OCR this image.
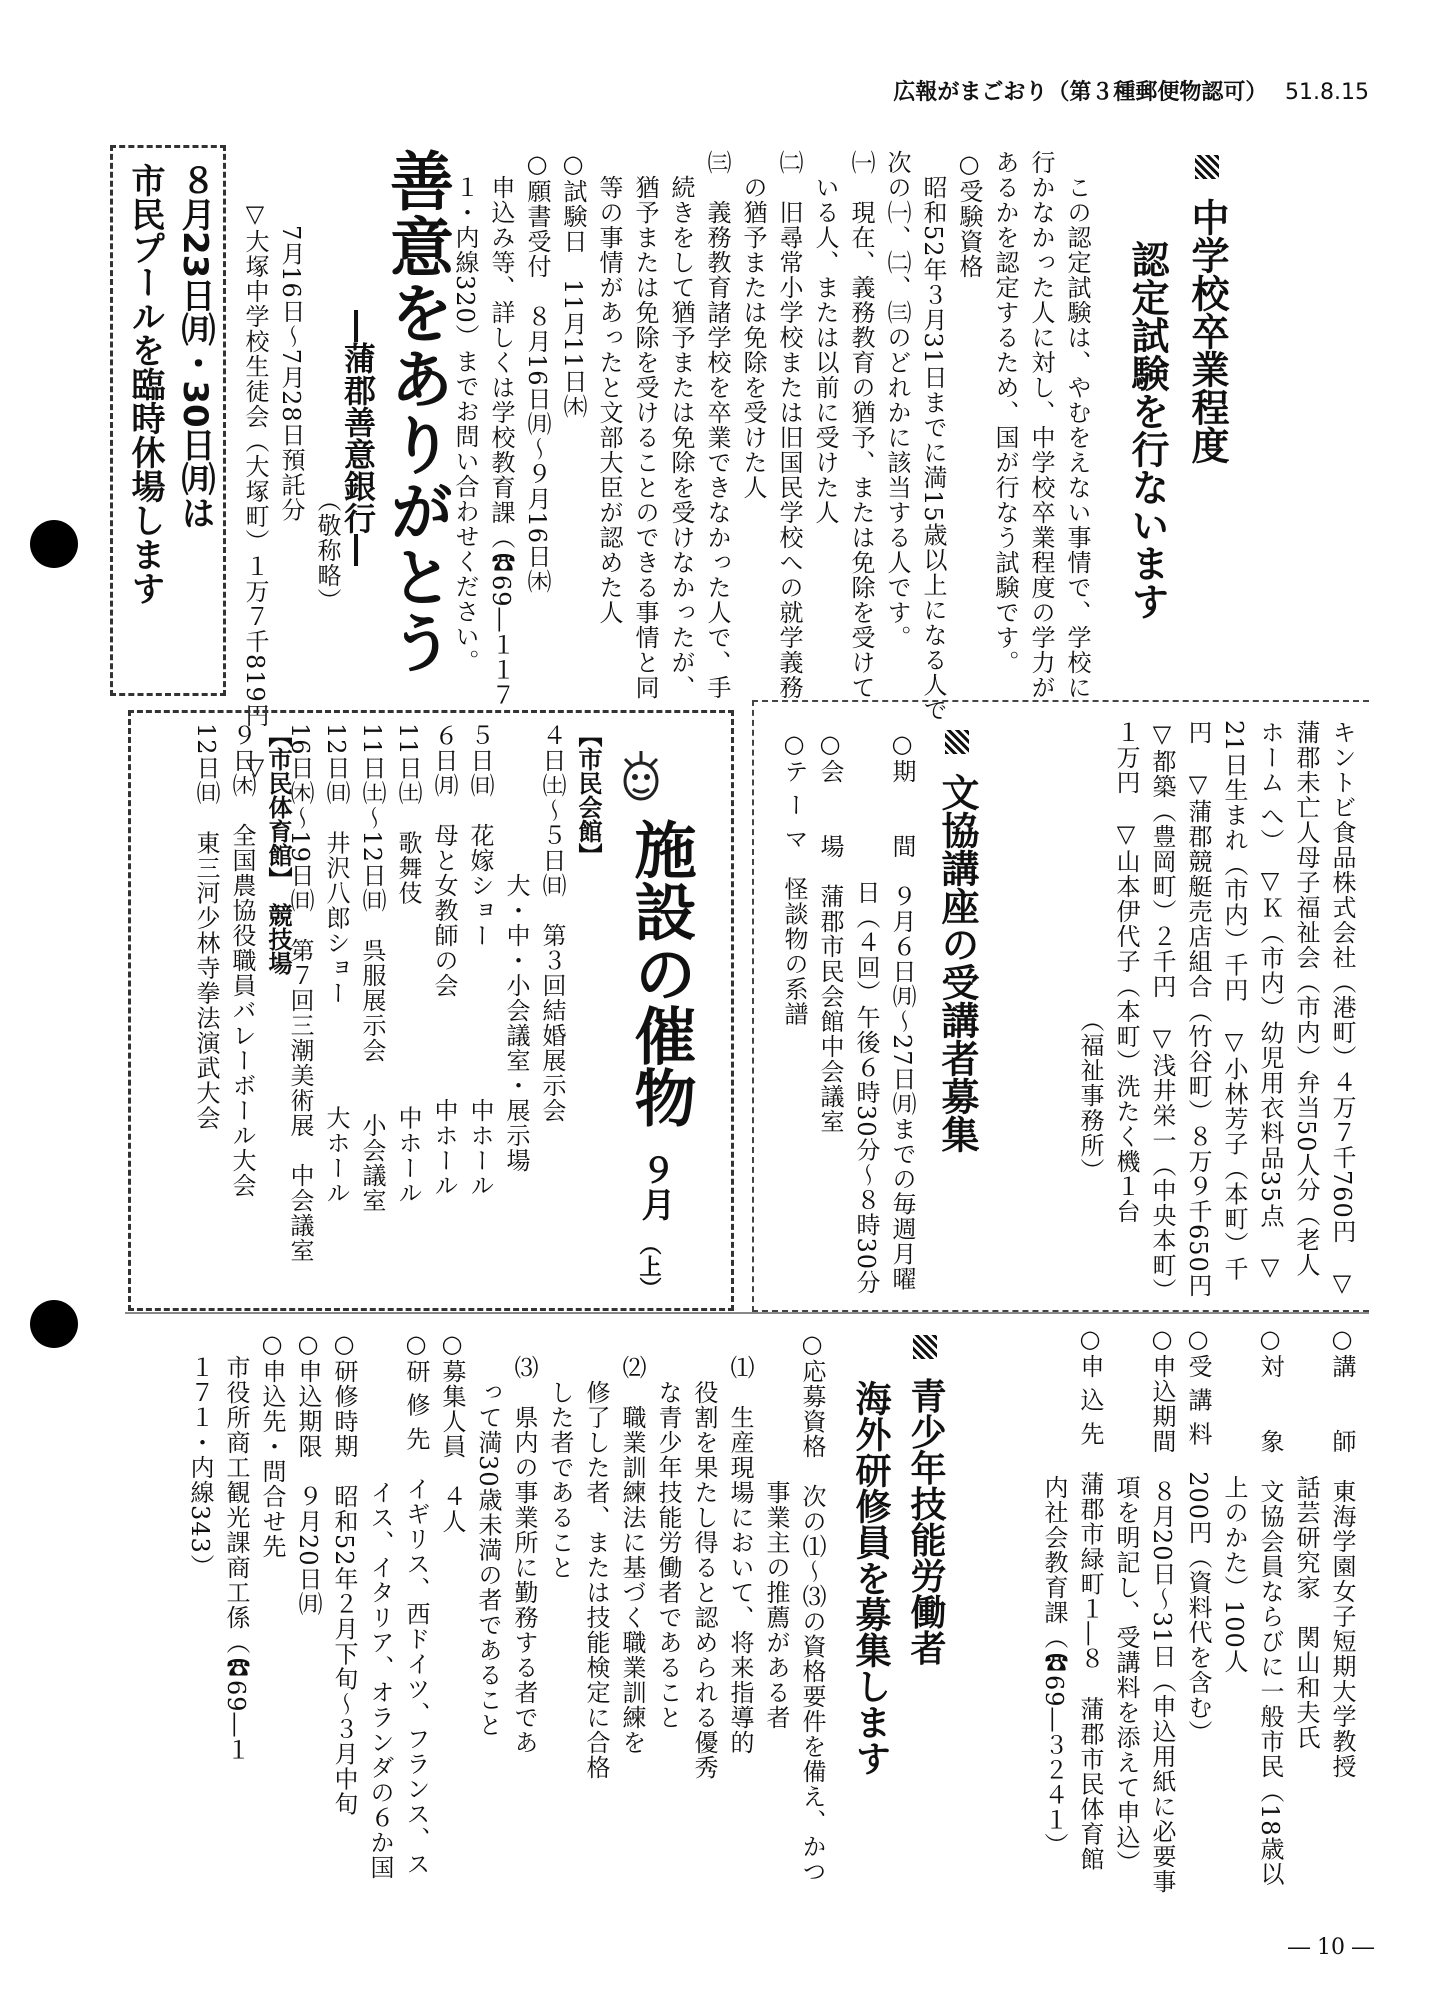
広報がまごおり（第３種郵便物認可） 51.8.15
中学校卒業程度
認定試験を行ないます
　この認定試験は、やむをえない事情で、学校に
行かなかった人に対し、中学校卒業程度の学力が
あるかを認定するため、国が行なう試験です。
○受験資格
　昭和52年３月31日までに満15歳以上になる人で
次の㈠、㈡、㈢のどれかに該当する人です。
㈠　現在、義務教育の猶予、または免除を受けて
　いる人、または以前に受けた人
㈡　旧尋常小学校または旧国民学校への就学義務
　の猶予または免除を受けた人
㈢　義務教育諸学校を卒業できなかった人で、手
　続きをして猶予または免除を受けなかったが、
　猶予または免除を受けることのできる事情と同
　等の事情があったと文部大臣が認めた人
○試験日　11月11日㈭
○願書受付　８月16日㈪～９月16日㈭
　申込み等、詳しくは学校教育課（☎69―１１７
　１・内線320）までお問い合わせください。
善意をありがとう
―蒲郡善意銀行―
　　　　　　　　　　　　（敬称略）
　7月16日～7月28日預託分
▽大塚中学校生徒会（大塚町）１万７千819円　▽
８月23日㈪・30日㈪は
市民プールを臨時休場します
キントビ食品株式会社（港町）４万７千760円　▽
蒲郡未亡人母子福祉会（市内）弁当50人分（老人
ホーム へ）　▽Ｋ（市内）幼児用衣料品35点　▽
21日生まれ（市内）千円　▽小林芳子（本町）千
円　▽蒲郡競艇売店組合（竹谷町）８万９千650円
▽都築（豊岡町）２千円　▽浅井栄一（中央本町）
１万円　▽山本伊代子（本町）洗たく機１台
　　　　　　　　　　　　（福祉事務所）
文協講座の受講者募集
○期　　間　９月６日㈪～27日㈪までの毎週月曜
　　　　　　日（４回）午後６時30分～８時30分
○会　　場　蒲郡市民会館中会議室
○テ ー マ　怪談物の系譜
○講　　師　東海学園女子短期大学教授
　　　　　　話芸研究家　関山和夫氏
○対　　象　文協会員ならびに一般市民（18歳以
　　　　　　上のかた）100人
○受 講 料　200円（資料代を含む）
○申込期間　８月20日～31日（申込用紙に必要事
　　　　　　項を明記し、受講料を添えて申込）
○申 込 先　蒲郡市緑町１―８　蒲郡市民体育館
　　　　　　内社会教育課（☎69―３２４１）
施設の催物
９月
（上）
【市民会館】
４日㈯～５日㈰　第３回結婚展示会
　　　　　　大・中・小会議室・展示場
５日㈰　花嫁ショー　　　　　　中ホール
６日㈪　母と女教師の会　　　　中ホール
11日㈯　歌舞伎　　　　　　　　中ホール
11日㈯～12日㈰　呉服展示会　　小会議室
12日㈰　井沢八郎ショー　　　　大ホール
16日㈭～19日㈰　第７回三潮美術展　中会議室
【市民体育館】　競技場
９日㈭　全国農協役職員バレーボール大会
12日㈰　東三河少林寺拳法演武大会
青少年技能労働者
海外研修員を募集します
○応募資格　次の⑴～⑶の資格要件を備え、かつ
　　　　　　事業主の推薦がある者
　⑴　生産現場において、将来指導的
　　役割を果たし得ると認められる優秀
　　な青少年技能労働者であること
　⑵　職業訓練法に基づく職業訓練を
　　修了した者、または技能検定に合格
　　した者であること
　⑶　県内の事業所に勤務する者であ
　　って満30歳未満の者であること
○募集人員　４人
○研 修 先　イギリス、西ドイツ、フランス、ス
　　　　　　イス、イタリア、オランダの６か国
○研修時期　昭和52年２月下旬～３月中旬
○申込期限　９月20日㈪
○申込先・問合せ先
　市役所商工観光課商工係（☎69―１
　１７１・内線343）
― 10 ―
